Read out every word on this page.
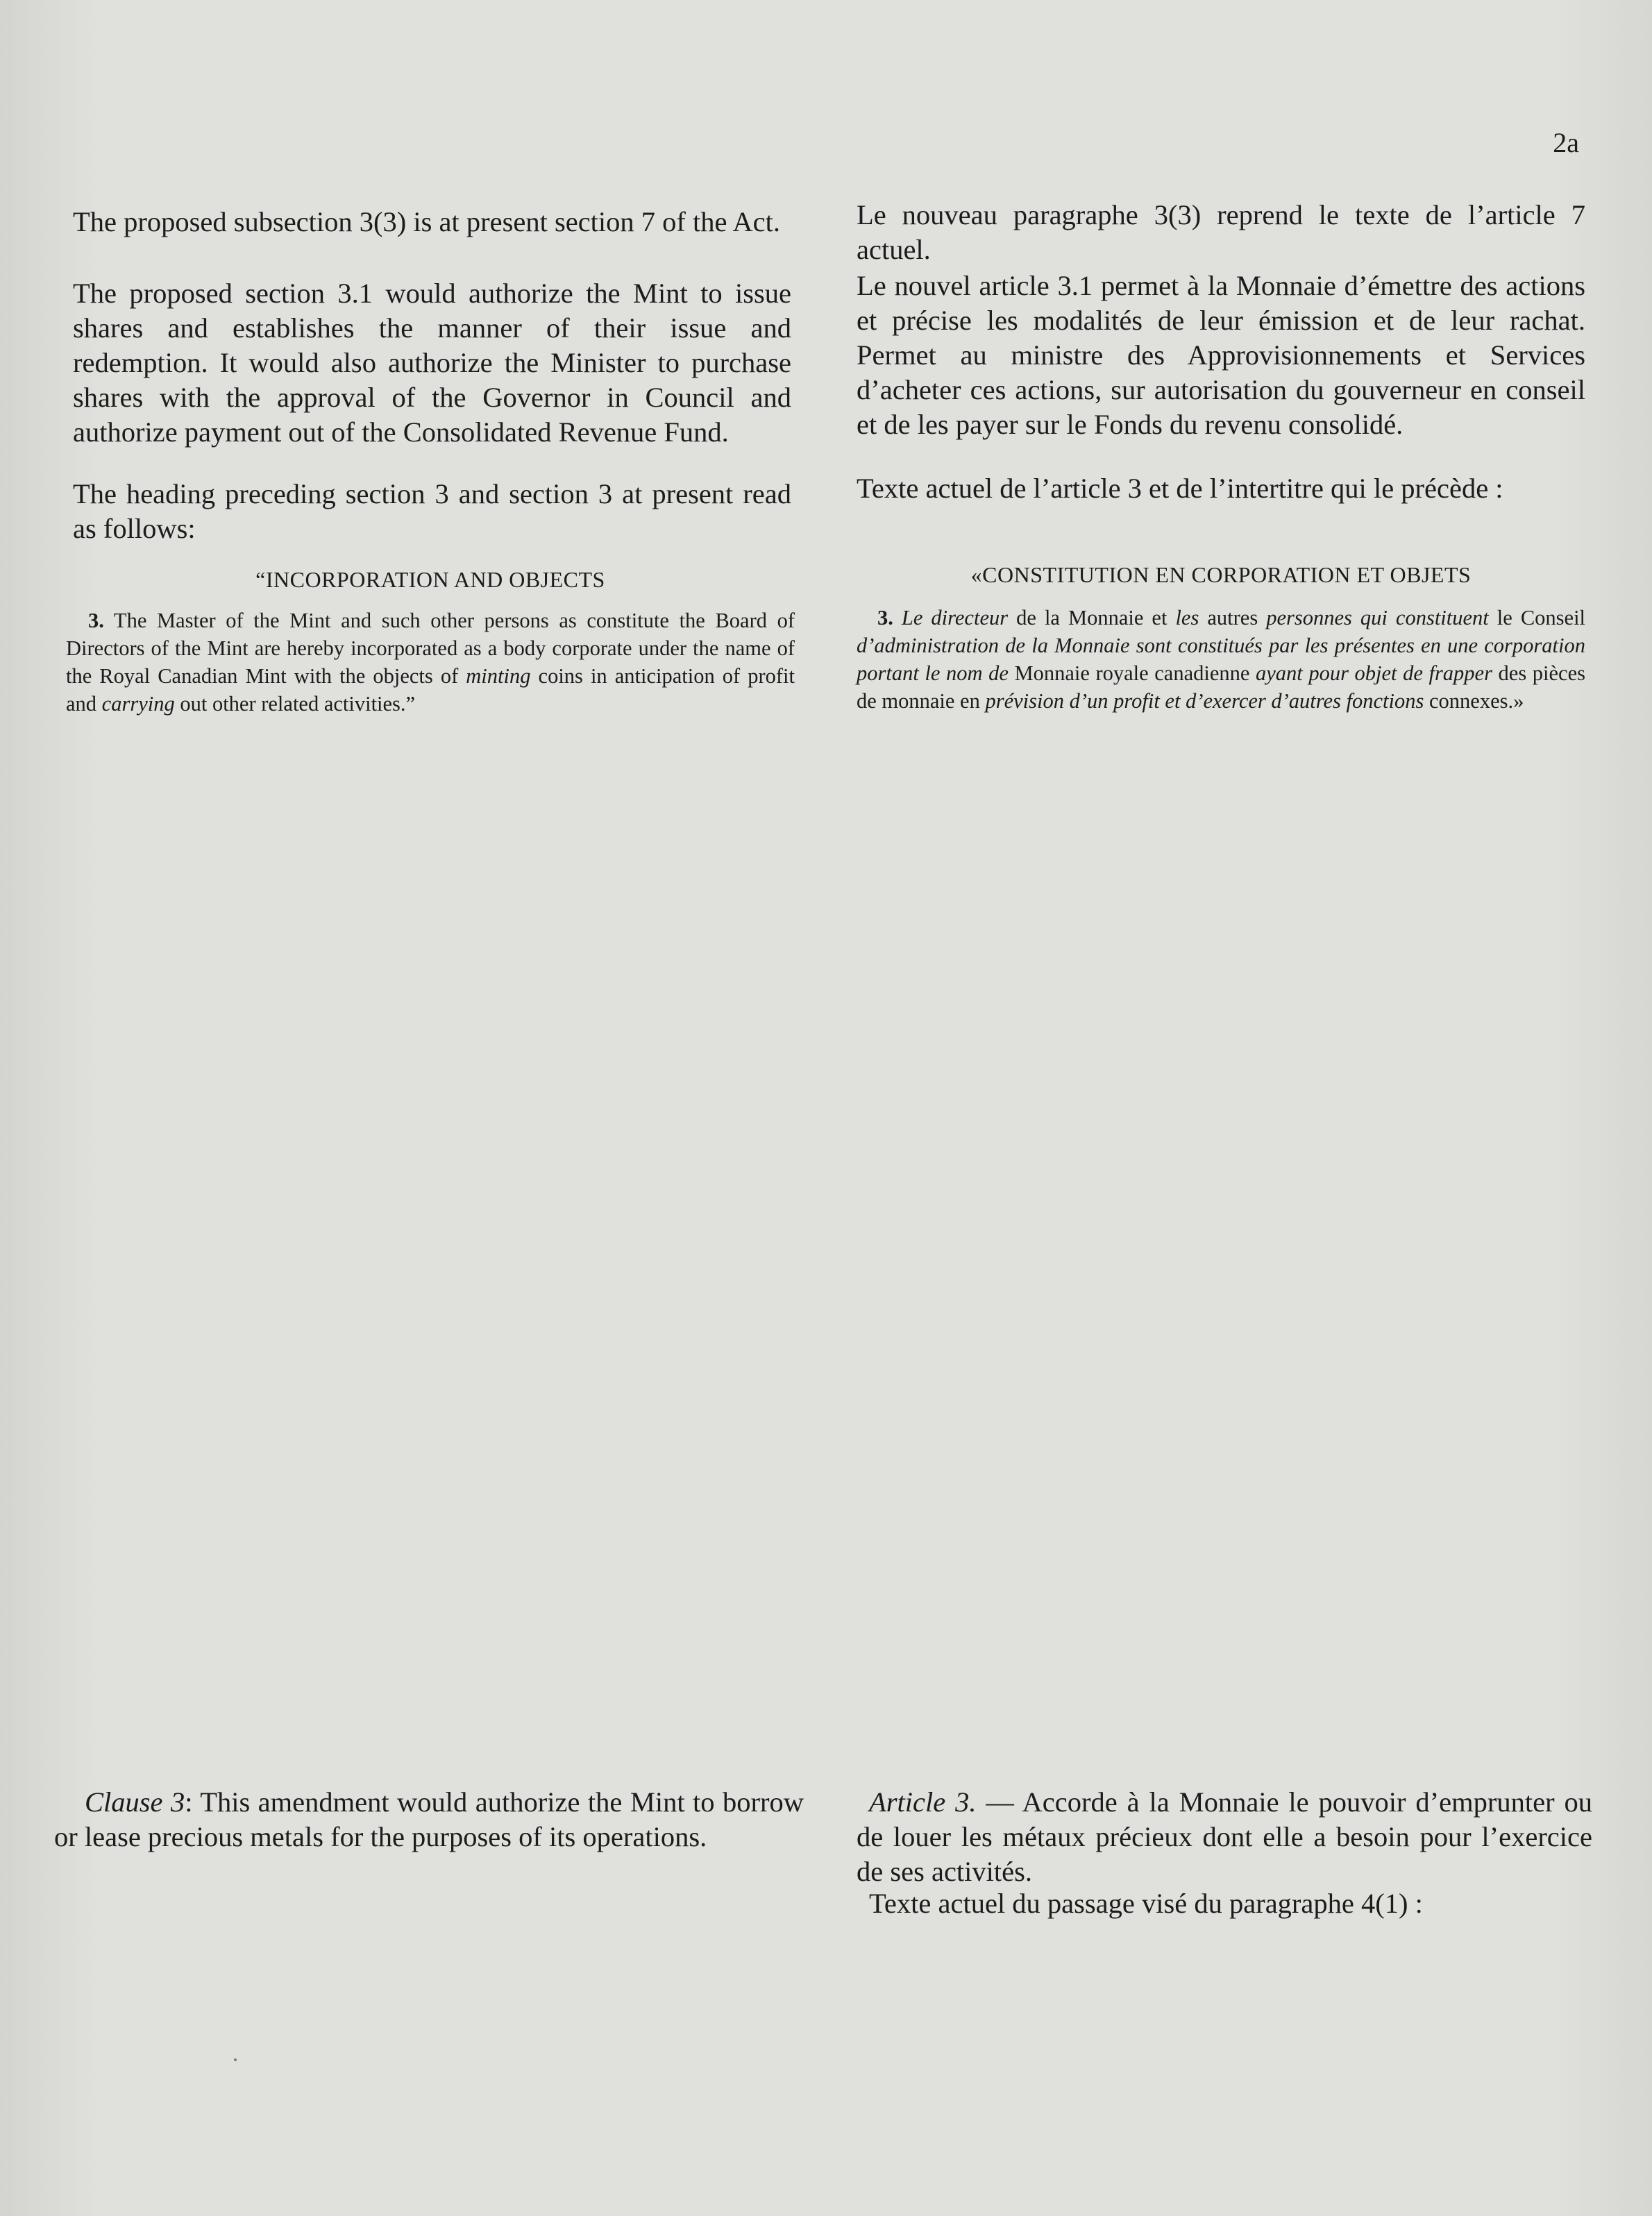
2a

The proposed subsection 3(3) is at present section 7 of the Act.

The proposed section 3.1 would authorize the Mint to issue shares and establishes the manner of their issue and redemption. It would also authorize the Minister to purchase shares with the approval of the Governor in Council and authorize payment out of the Consolidated Revenue Fund.

The heading preceding section 3 and section 3 at present read as follows:

“INCORPORATION AND OBJECTS

3. The Master of the Mint and such other persons as constitute the Board of Directors of the Mint are hereby incorporated as a body corporate under the name of the Royal Canadian Mint with the objects of minting coins in anticipation of profit and carrying out other related activities.”

Clause 3: This amendment would authorize the Mint to borrow or lease precious metals for the purposes of its operations.

Le nouveau paragraphe 3(3) reprend le texte de l’article 7 actuel.

Le nouvel article 3.1 permet à la Monnaie d’émettre des actions et précise les modalités de leur émission et de leur rachat. Permet au ministre des Approvisionnements et Services d’acheter ces actions, sur autorisation du gouverneur en conseil et de les payer sur le Fonds du revenu consolidé.

Texte actuel de l’article 3 et de l’intertitre qui le précède :

«CONSTITUTION EN CORPORATION ET OBJETS

3. Le directeur de la Monnaie et les autres personnes qui constituent le Conseil d’administration de la Monnaie sont constitués par les présentes en une corporation portant le nom de Monnaie royale canadienne ayant pour objet de frapper des pièces de monnaie en prévision d’un profit et d’exercer d’autres fonctions connexes.»

Article 3. — Accorde à la Monnaie le pouvoir d’emprunter ou de louer les métaux précieux dont elle a besoin pour l’exercice de ses activités.

Texte actuel du passage visé du paragraphe 4(1) :
